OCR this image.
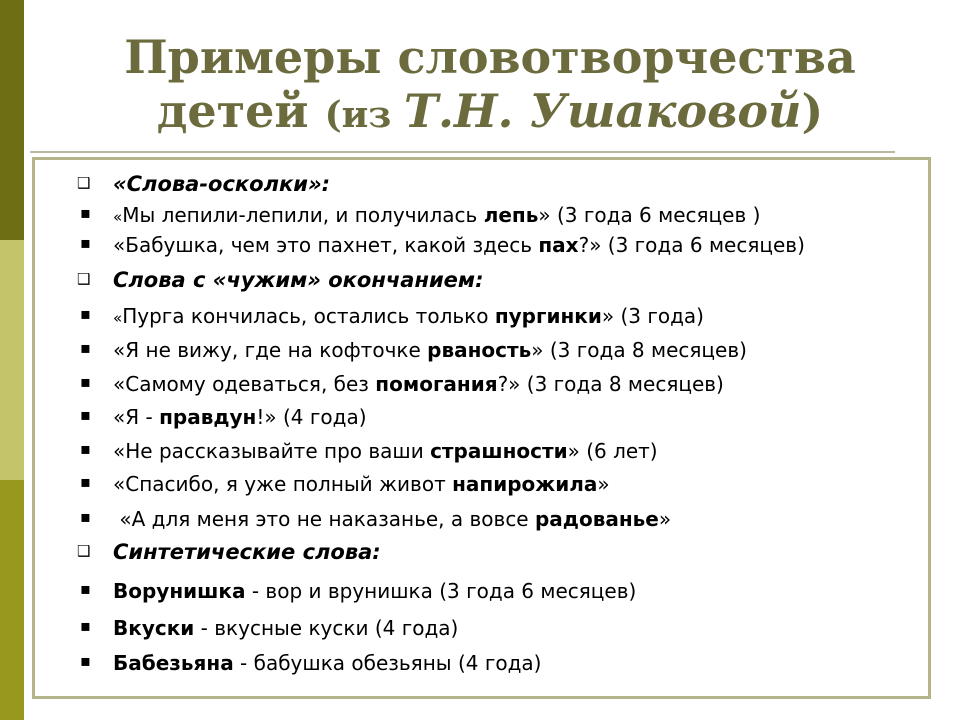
Примеры словотворчества
детей (из Т.Н. Ушаковой)
❑ «Слова-осколки»:
▪ «Мы лепили-лепили, и получилась лепь» (3 года 6 месяцев )
▪ «Бабушка, чем это пахнет, какой здесь пах?» (3 года 6 месяцев)
❑ Слова с «чужим» окончанием:
▪ «Пурга кончилась, остались только пургинки» (3 года)
▪ «Я не вижу, где на кофточке рваность» (3 года 8 месяцев)
▪ «Самому одеваться, без помогания?» (3 года 8 месяцев)
▪ «Я - правдун!» (4 года)
▪ «Не рассказывайте про ваши страшности» (6 лет)
▪ «Спасибо, я уже полный живот напирожила»
▪ «А для меня это не наказанье, а вовсе радованье»
❑ Синтетические слова:
▪ Ворунишка - вор и врунишка (3 года 6 месяцев)
▪ Вкуски - вкусные куски (4 года)
▪ Бабезьяна - бабушка обезьяны (4 года)
